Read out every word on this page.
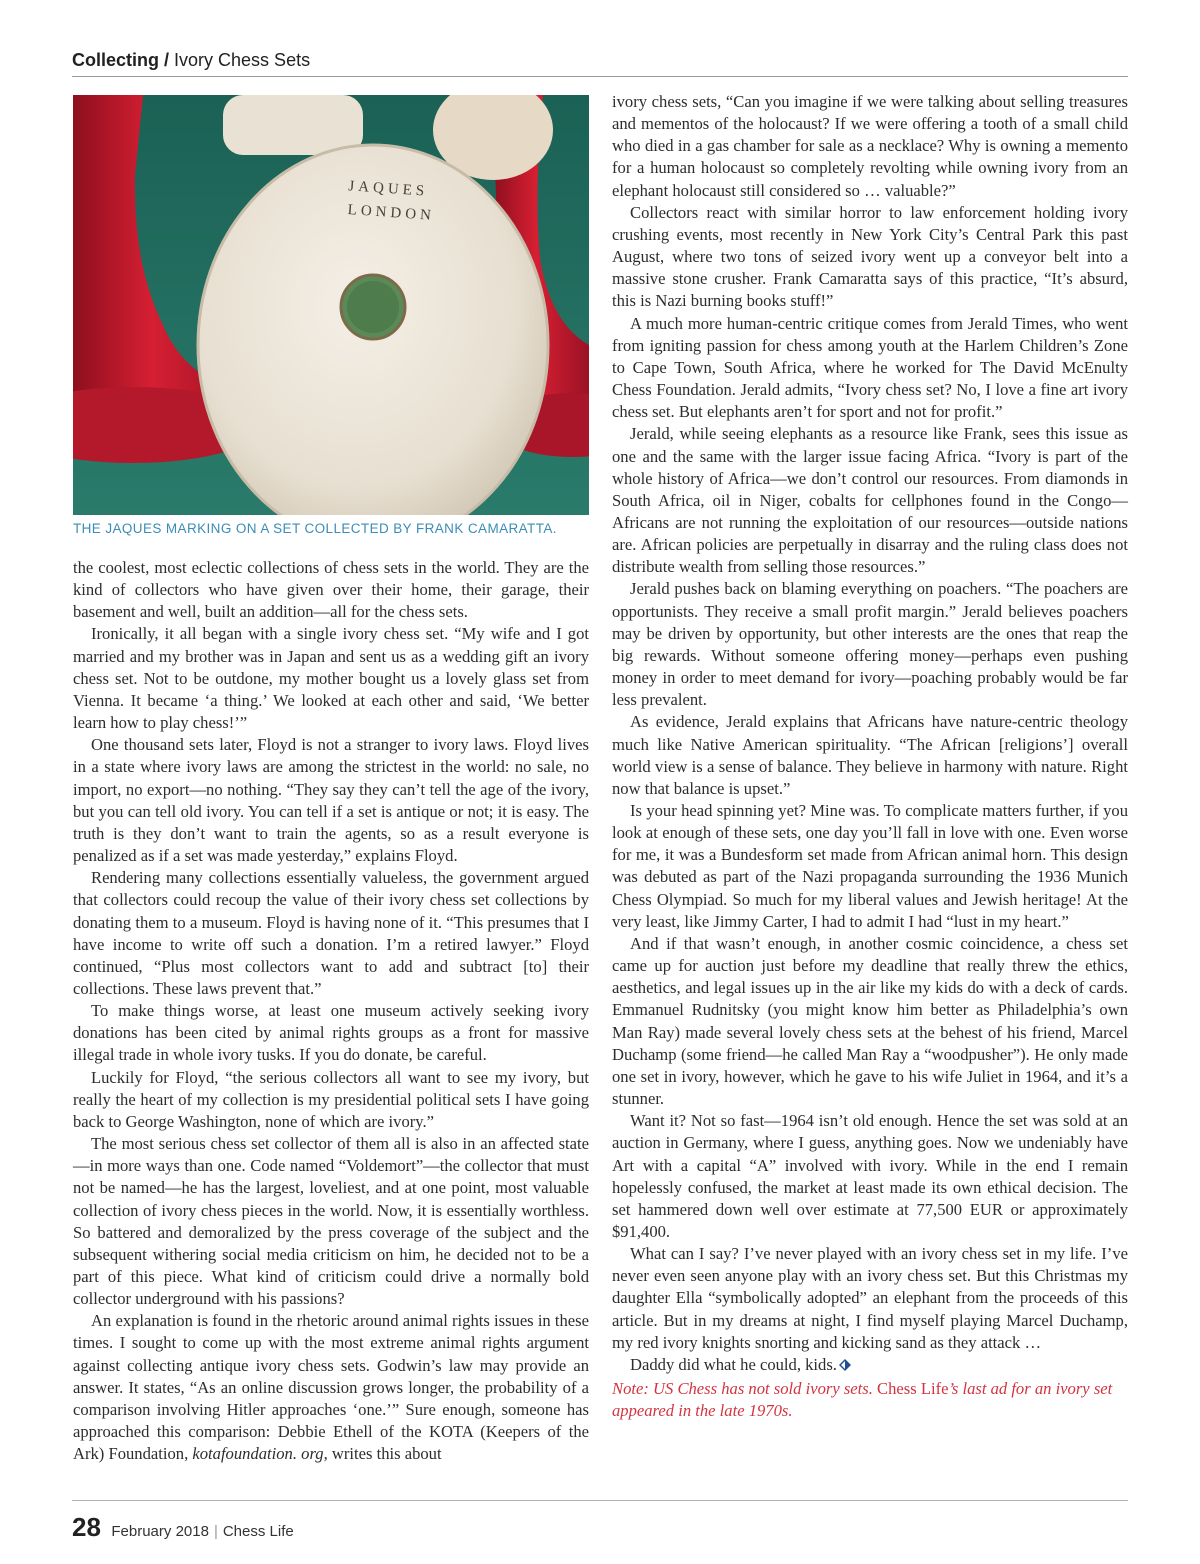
Collecting / Ivory Chess Sets
JAQUES
LONDON
THE JAQUES MARKING ON A SET COLLECTED BY FRANK CAMARATTA.

the coolest, most eclectic collections of chess sets in the world. They are the kind of collectors who have given over their home, their garage, their basement and well, built an addition—all for the chess sets.

Ironically, it all began with a single ivory chess set. “My wife and I got married and my brother was in Japan and sent us as a wedding gift an ivory chess set. Not to be outdone, my mother bought us a lovely glass set from Vienna. It became ‘a thing.’ We looked at each other and said, ‘We better learn how to play chess!’”

One thousand sets later, Floyd is not a stranger to ivory laws. Floyd lives in a state where ivory laws are among the strictest in the world: no sale, no import, no export—no nothing. “They say they can’t tell the age of the ivory, but you can tell old ivory. You can tell if a set is antique or not; it is easy. The truth is they don’t want to train the agents, so as a result everyone is penalized as if a set was made yesterday,” explains Floyd.

Rendering many collections essentially valueless, the government argued that collectors could recoup the value of their ivory chess set collections by donating them to a museum. Floyd is having none of it. “This presumes that I have income to write off such a donation. I’m a retired lawyer.” Floyd continued, “Plus most collectors want to add and subtract [to] their collections. These laws prevent that.”

To make things worse, at least one museum actively seeking ivory donations has been cited by animal rights groups as a front for massive illegal trade in whole ivory tusks. If you do donate, be careful.

Luckily for Floyd, “the serious collectors all want to see my ivory, but really the heart of my collection is my presidential political sets I have going back to George Washington, none of which are ivory.”

The most serious chess set collector of them all is also in an affected state—in more ways than one. Code named “Voldemort”—the collector that must not be named—he has the largest, loveliest, and at one point, most valuable collection of ivory chess pieces in the world. Now, it is essentially worthless. So battered and demoralized by the press coverage of the subject and the subsequent withering social media criticism on him, he decided not to be a part of this piece. What kind of criticism could drive a normally bold collector underground with his passions?

An explanation is found in the rhetoric around animal rights issues in these times. I sought to come up with the most extreme animal rights argument against collecting antique ivory chess sets. Godwin’s law may provide an answer. It states, “As an online discussion grows longer, the probability of a comparison involving Hitler approaches ‘one.’” Sure enough, someone has approached this comparison: Debbie Ethell of the KOTA (Keepers of the Ark) Foundation, kotafoundation. org, writes this about

ivory chess sets, “Can you imagine if we were talking about selling treasures and mementos of the holocaust? If we were offering a tooth of a small child who died in a gas chamber for sale as a necklace? Why is owning a memento for a human holocaust so completely revolting while owning ivory from an elephant holocaust still considered so … valuable?”

Collectors react with similar horror to law enforcement holding ivory crushing events, most recently in New York City’s Central Park this past August, where two tons of seized ivory went up a conveyor belt into a massive stone crusher. Frank Camaratta says of this practice, “It’s absurd, this is Nazi burning books stuff!”

A much more human-centric critique comes from Jerald Times, who went from igniting passion for chess among youth at the Harlem Children’s Zone to Cape Town, South Africa, where he worked for The David McEnulty Chess Foundation. Jerald admits, “Ivory chess set? No, I love a fine art ivory chess set. But elephants aren’t for sport and not for profit.”

Jerald, while seeing elephants as a resource like Frank, sees this issue as one and the same with the larger issue facing Africa. “Ivory is part of the whole history of Africa—we don’t control our resources. From diamonds in South Africa, oil in Niger, cobalts for cellphones found in the Congo—Africans are not running the exploitation of our resources—outside nations are. African policies are perpetually in disarray and the ruling class does not distribute wealth from selling those resources.”

Jerald pushes back on blaming everything on poachers. “The poachers are opportunists. They receive a small profit margin.” Jerald believes poachers may be driven by opportunity, but other interests are the ones that reap the big rewards. Without someone offering money—perhaps even pushing money in order to meet demand for ivory—poaching probably would be far less prevalent.

As evidence, Jerald explains that Africans have nature-centric theology much like Native American spirituality. “The African [religions’] overall world view is a sense of balance. They believe in harmony with nature. Right now that balance is upset.”

Is your head spinning yet? Mine was. To complicate matters further, if you look at enough of these sets, one day you’ll fall in love with one. Even worse for me, it was a Bundesform set made from African animal horn. This design was debuted as part of the Nazi propaganda surrounding the 1936 Munich Chess Olympiad. So much for my liberal values and Jewish heritage! At the very least, like Jimmy Carter, I had to admit I had “lust in my heart.”

And if that wasn’t enough, in another cosmic coincidence, a chess set came up for auction just before my deadline that really threw the ethics, aesthetics, and legal issues up in the air like my kids do with a deck of cards. Emmanuel Rudnitsky (you might know him better as Philadelphia’s own Man Ray) made several lovely chess sets at the behest of his friend, Marcel Duchamp (some friend—he called Man Ray a “woodpusher”). He only made one set in ivory, however, which he gave to his wife Juliet in 1964, and it’s a stunner.

Want it? Not so fast—1964 isn’t old enough. Hence the set was sold at an auction in Germany, where I guess, anything goes. Now we undeniably have Art with a capital “A” involved with ivory. While in the end I remain hopelessly confused, the market at least made its own ethical decision. The set hammered down well over estimate at 77,500 EUR or approximately $91,400.

What can I say? I’ve never played with an ivory chess set in my life. I’ve never even seen anyone play with an ivory chess set. But this Christmas my daughter Ella “symbolically adopted” an elephant from the proceeds of this article. But in my dreams at night, I find myself playing Marcel Duchamp, my red ivory knights snorting and kicking sand as they attack …

Daddy did what he could, kids.

Note: US Chess has not sold ivory sets. Chess Life’s last ad for an ivory set appeared in the late 1970s.

28 February 2018 | Chess Life
